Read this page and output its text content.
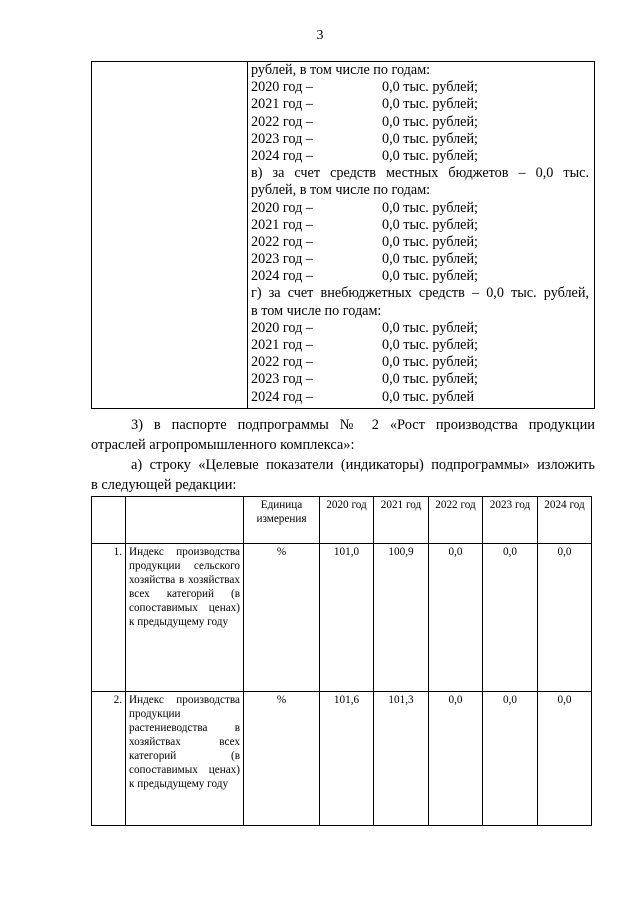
3
рублей, в том числе по годам:
2020 год –	0,0 тыс. рублей;
2021 год –	0,0 тыс. рублей;
2022 год –	0,0 тыс. рублей;
2023 год –	0,0 тыс. рублей;
2024 год –	0,0 тыс. рублей;
в) за счет средств местных бюджетов – 0,0 тыс.
рублей, в том числе по годам:
2020 год –	0,0 тыс. рублей;
2021 год –	0,0 тыс. рублей;
2022 год –	0,0 тыс. рублей;
2023 год –	0,0 тыс. рублей;
2024 год –	0,0 тыс. рублей;
г) за счет внебюджетных средств – 0,0 тыс. рублей,
в том числе по годам:
2020 год –	0,0 тыс. рублей;
2021 год –	0,0 тыс. рублей;
2022 год –	0,0 тыс. рублей;
2023 год –	0,0 тыс. рублей;
2024 год –	0,0 тыс. рублей
3) в паспорте подпрограммы № 2 «Рост производства продукции
отраслей агропромышленного комплекса»:
а) строку «Целевые показатели (индикаторы) подпрограммы» изложить
в следующей редакции:
		Единица измерения	2020 год	2021 год	2022 год	2023 год	2024 год
1.	Индекс производства продукции сельского хозяйства в хозяйствах всех категорий (в сопоставимых ценах) к предыдущему году	%	101,0	100,9	0,0	0,0	0,0
2.	Индекс производства продукции растениеводства в хозяйствах всех категорий (в сопоставимых ценах) к предыдущему году	%	101,6	101,3	0,0	0,0	0,0
